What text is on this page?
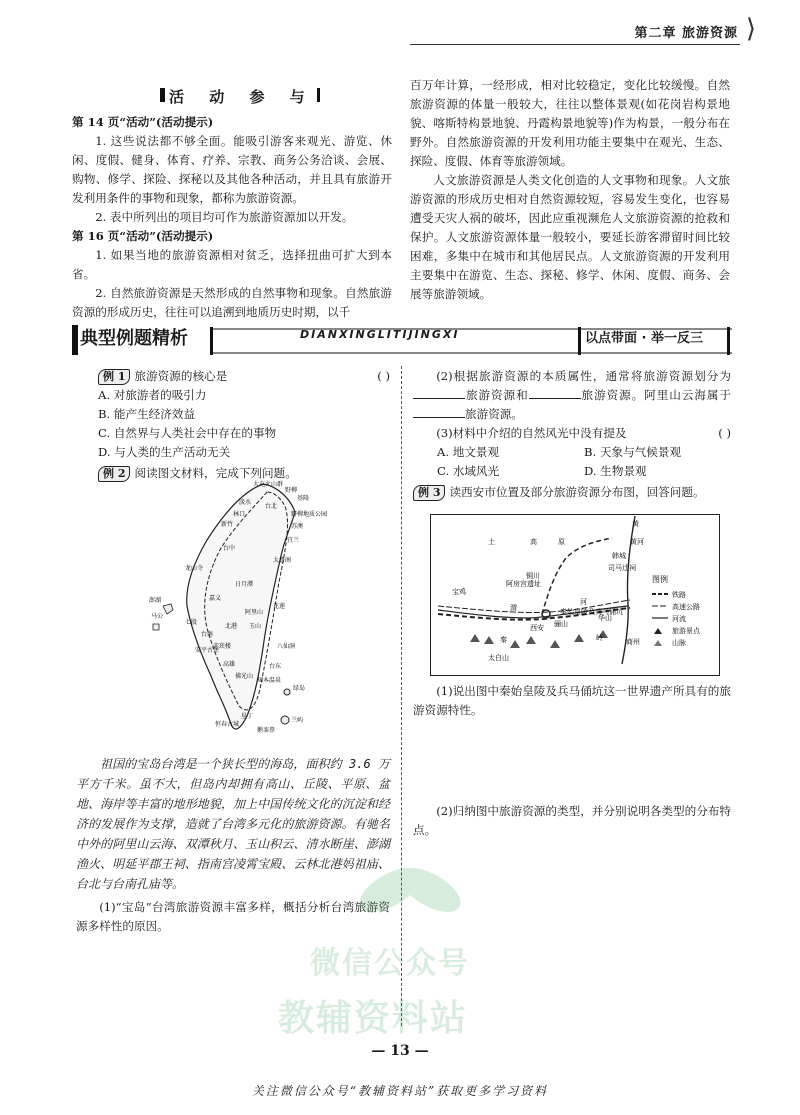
第二章 旅游资源 ⟩
活 动 参 与

第 14 页“活动”(活动提示)

1. 这些说法都不够全面。能吸引游客来观光、游览、休闲、度假、健身、体育、疗养、宗教、商务公务洽谈、会展、购物、修学、探险、探秘以及其他各种活动，并且具有旅游开发利用条件的事物和现象，都称为旅游资源。

2. 表中所列出的项目均可作为旅游资源加以开发。

第 16 页“活动”(活动提示)

1. 如果当地的旅游资源相对贫乏，选择扭曲可扩大到本省。

2. 自然旅游资源是天然形成的自然事物和现象。自然旅游资源的形成历史，往往可以追溯到地质历史时期，以千

百万年计算，一经形成，相对比较稳定，变化比较缓慢。自然旅游资源的体量一般较大，往往以整体景观(如花岗岩构景地貌、喀斯特构景地貌、丹霞构景地貌等)作为构景，一般分布在野外。自然旅游资源的开发利用功能主要集中在观光、生态、探险、度假、体育等旅游领域。

人文旅游资源是人类文化创造的人文事物和现象。人文旅游资源的形成历史相对自然资源较短，容易发生变化，也容易遭受天灾人祸的破坏，因此应重视濒危人文旅游资源的抢救和保护。人文旅游资源体量一般较小，要延长游客滞留时间比较困难，多集中在城市和其他居民点。人文旅游资源的开发利用主要集中在游览、生态、探秘、修学、休闲、度假、商务、会展等旅游领域。

典型例题精析	DIANXINGLITIJINGXI	以点带面 · 举一反三

例 1 旅游资源的核心是	( )

A. 对旅游者的吸引力

B. 能产生经济效益

C. 自然界与人类社会中存在的事物

D. 与人类的生产活动无关

例 2 阅读图文材料，完成下列问题。

大屯火山群
野柳
基隆
台北
淡水
林口
新竹
龙山寺
太鲁阁
日月潭
阿里山
玉山
嘉义
台南
安平古堡
高雄
垦丁
鹅銮鼻
台东
花莲
澎湖
马公
七股
恒春古城
绿岛
兰屿
知本温泉
赤崁楼
佛光山
八仙洞
宜兰
北港
野柳地质公园
台中
苏澳

祖国的宝岛台湾是一个狭长型的海岛，面积约 3.6 万平方千米。虽不大，但岛内却拥有高山、丘陵、平原、盆地、海岸等丰富的地形地貌，加上中国传统文化的沉淀和经济的发展作为支撑，造就了台湾多元化的旅游资源。有驰名中外的阿里山云海、双潭秋月、玉山积云、清水断崖、澎湖渔火、明延平郡王祠、指南宫凌霄宝殿、云林北港妈祖庙、台北与台南孔庙等。

(1)“宝岛”台湾旅游资源丰富多样，概括分析台湾旅游资源多样性的原因。

(2)根据旅游资源的本质属性，通常将旅游资源划分为旅游资源和	旅游资源。阿里山云海属于旅游资源。

(3)材料中介绍的自然风光中没有提及	( )

A. 地文景观	B. 天象与气候景观

C. 水域风光	D. 生物景观

例 3 读西安市位置及部分旅游资源分布图，回答问题。

黄
土	高	原
韩城
司马迁祠
铜川
阿房宫遗址
宝鸡
渭
河
西安
秦始皇陵及兵马俑坑
华山
秦	岭
太白山
黄河
商州
骊山
图例
铁路
高速公路
河流
旅游景点
山脉

(1)说出图中秦始皇陵及兵马俑坑这一世界遗产所具有的旅游资源特性。

(2)归纳图中旅游资源的类型，并分别说明各类型的分布特点。

微信公众号
教辅资料站
— 13 —
关注微信公众号“教辅资料站”获取更多学习资料
